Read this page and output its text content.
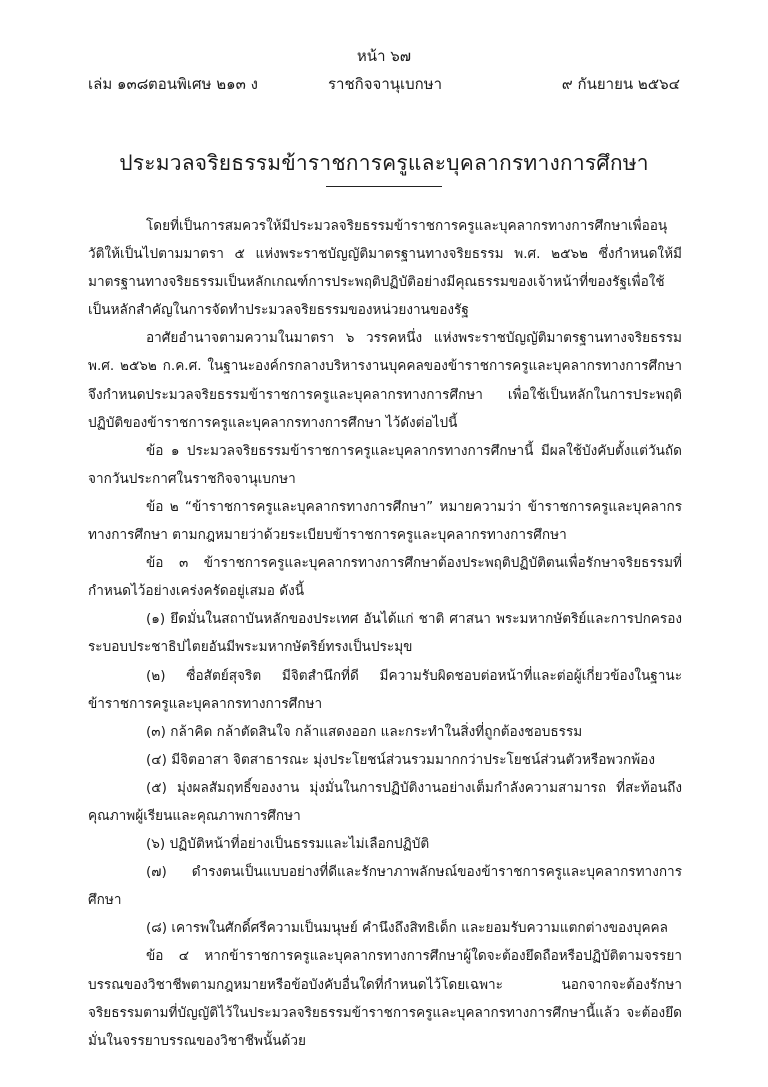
หน้า ๖๗
เล่ม ๑๓๘ ตอนพิเศษ ๒๑๓ ง	ราชกิจจานุเบกษา	๙ กันยายน ๒๕๖๔
ประมวลจริยธรรมข้าราชการครูและบุคลากรทางการศึกษา

โดยที่เป็นการสมควรให้มีประมวลจริยธรรมข้าราชการครูและบุคลากรทางการศึกษาเพื่ออนุวัติให้เป็นไปตามมาตรา ๕ แห่งพระราชบัญญัติมาตรฐานทางจริยธรรม พ.ศ. ๒๕๖๒ ซึ่งกำหนดให้มีมาตรฐานทางจริยธรรมเป็นหลักเกณฑ์การประพฤติปฏิบัติอย่างมีคุณธรรมของเจ้าหน้าที่ของรัฐเพื่อใช้เป็นหลักสำคัญในการจัดทำประมวลจริยธรรมของหน่วยงานของรัฐ

อาศัยอำนาจตามความในมาตรา ๖ วรรคหนึ่ง แห่งพระราชบัญญัติมาตรฐานทางจริยธรรม พ.ศ. ๒๕๖๒ ก.ค.ศ. ในฐานะองค์กรกลางบริหารงานบุคคลของข้าราชการครูและบุคลากรทางการศึกษา จึงกำหนดประมวลจริยธรรมข้าราชการครูและบุคลากรทางการศึกษา เพื่อใช้เป็นหลักในการประพฤติปฏิบัติของข้าราชการครูและบุคลากรทางการศึกษา ไว้ดังต่อไปนี้

ข้อ ๑ ประมวลจริยธรรมข้าราชการครูและบุคลากรทางการศึกษานี้ มีผลใช้บังคับตั้งแต่วันถัดจากวันประกาศในราชกิจจานุเบกษา

ข้อ ๒ “ข้าราชการครูและบุคลากรทางการศึกษา” หมายความว่า ข้าราชการครูและบุคลากรทางการศึกษา ตามกฎหมายว่าด้วยระเบียบข้าราชการครูและบุคลากรทางการศึกษา

ข้อ ๓ ข้าราชการครูและบุคลากรทางการศึกษาต้องประพฤติปฏิบัติตนเพื่อรักษาจริยธรรมที่กำหนดไว้อย่างเคร่งครัดอยู่เสมอ ดังนี้

(๑) ยึดมั่นในสถาบันหลักของประเทศ อันได้แก่ ชาติ ศาสนา พระมหากษัตริย์และการปกครองระบอบประชาธิปไตยอันมีพระมหากษัตริย์ทรงเป็นประมุข

(๒) ซื่อสัตย์สุจริต มีจิตสำนึกที่ดี มีความรับผิดชอบต่อหน้าที่และต่อผู้เกี่ยวข้องในฐานะข้าราชการครูและบุคลากรทางการศึกษา

(๓) กล้าคิด กล้าตัดสินใจ กล้าแสดงออก และกระทำในสิ่งที่ถูกต้องชอบธรรม

(๔) มีจิตอาสา จิตสาธารณะ มุ่งประโยชน์ส่วนรวมมากกว่าประโยชน์ส่วนตัวหรือพวกพ้อง

(๕) มุ่งผลสัมฤทธิ์ของงาน มุ่งมั่นในการปฏิบัติงานอย่างเต็มกำลังความสามารถ ที่สะท้อนถึงคุณภาพผู้เรียนและคุณภาพการศึกษา

(๖) ปฏิบัติหน้าที่อย่างเป็นธรรมและไม่เลือกปฏิบัติ

(๗) ดำรงตนเป็นแบบอย่างที่ดีและรักษาภาพลักษณ์ของข้าราชการครูและบุคลากรทางการศึกษา

(๘) เคารพในศักดิ์ศรีความเป็นมนุษย์ คำนึงถึงสิทธิเด็ก และยอมรับความแตกต่างของบุคคล

ข้อ ๔ หากข้าราชการครูและบุคลากรทางการศึกษาผู้ใดจะต้องยึดถือหรือปฏิบัติตามจรรยาบรรณของวิชาชีพตามกฎหมายหรือข้อบังคับอื่นใดที่กำหนดไว้โดยเฉพาะ นอกจากจะต้องรักษาจริยธรรมตามที่บัญญัติไว้ในประมวลจริยธรรมข้าราชการครูและบุคลากรทางการศึกษานี้แล้ว จะต้องยึดมั่นในจรรยาบรรณของวิชาชีพนั้นด้วย
